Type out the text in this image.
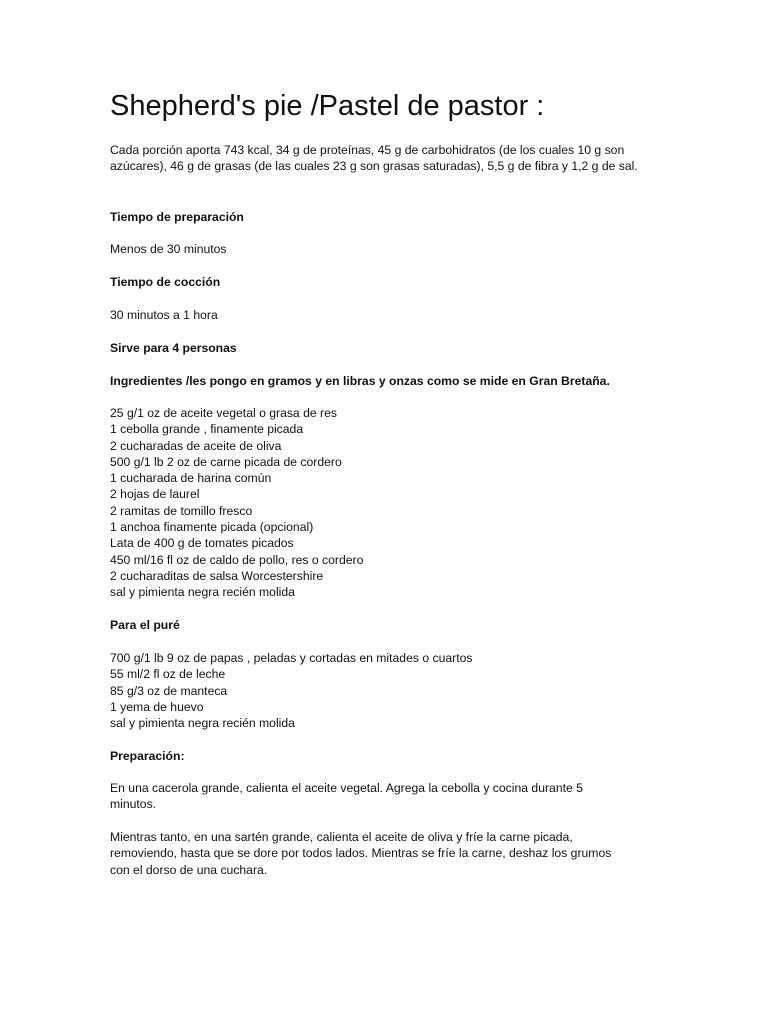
Shepherd's pie /Pastel de pastor :
Cada porción aporta 743 kcal, 34 g de proteínas, 45 g de carbohidratos (de los cuales 10 g son
azúcares), 46 g de grasas (de las cuales 23 g son grasas saturadas), 5,5 g de fibra y 1,2 g de sal.
Tiempo de preparación
Menos de 30 minutos
Tiempo de cocción
30 minutos a 1 hora
Sirve para 4 personas
Ingredientes /les pongo en gramos y en libras y onzas como se mide en Gran Bretaña.
25 g/1 oz de aceite vegetal o grasa de res
1 cebolla grande , finamente picada
2 cucharadas de aceite de oliva
500 g/1 lb 2 oz de carne picada de cordero
1 cucharada de harina común
2 hojas de laurel
2 ramitas de tomillo fresco
1 anchoa finamente picada (opcional)
Lata de 400 g de tomates picados
450 ml/16 fl oz de caldo de pollo, res o cordero
2 cucharaditas de salsa Worcestershire
sal y pimienta negra recién molida
Para el puré
700 g/1 lb 9 oz de papas , peladas y cortadas en mitades o cuartos
55 ml/2 fl oz de leche
85 g/3 oz de manteca
1 yema de huevo
sal y pimienta negra recién molida
Preparación:
En una cacerola grande, calienta el aceite vegetal. Agrega la cebolla y cocina durante 5
minutos.
Mientras tanto, en una sartén grande, calienta el aceite de oliva y fríe la carne picada,
removiendo, hasta que se dore por todos lados. Mientras se fríe la carne, deshaz los grumos
con el dorso de una cuchara.
